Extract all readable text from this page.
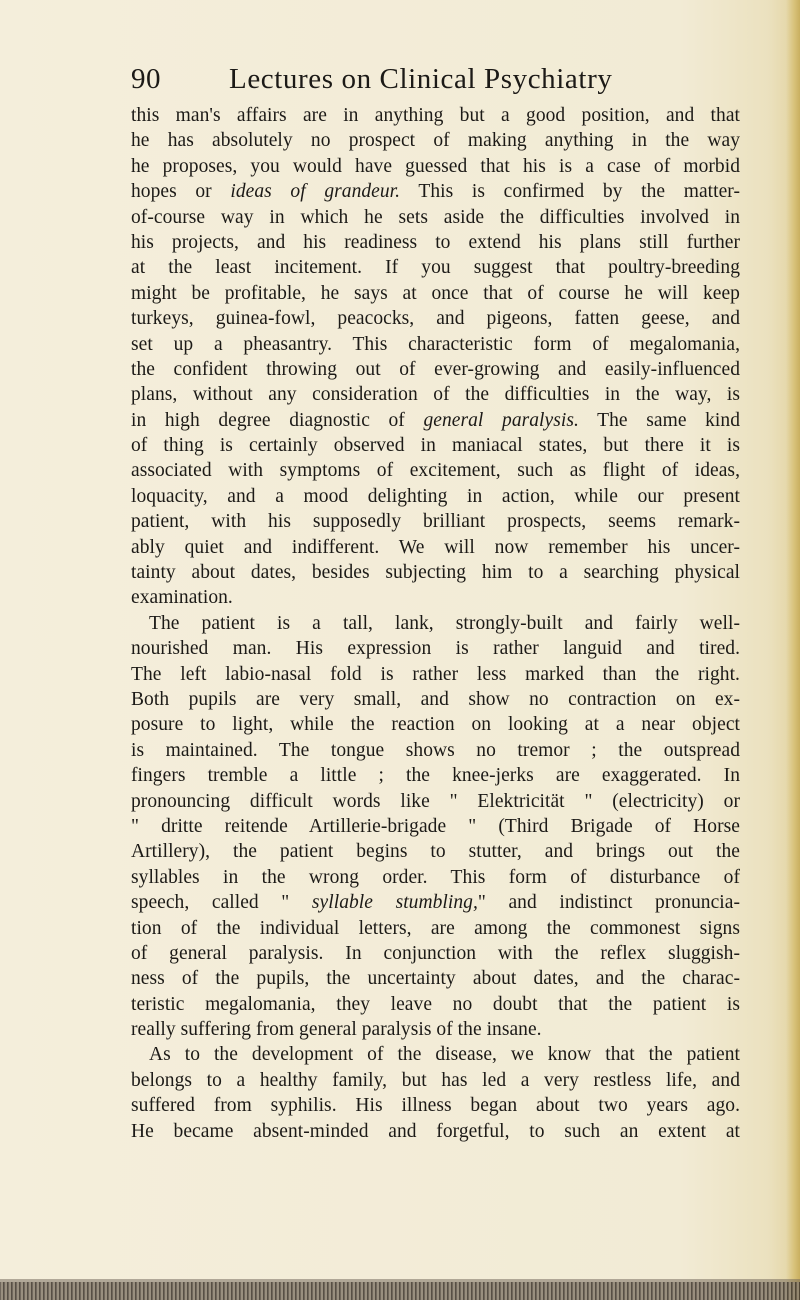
90 Lectures on Clinical Psychiatry
this man's affairs are in anything but a good position, and that
he has absolutely no prospect of making anything in the way
he proposes, you would have guessed that his is a case of morbid
hopes or ideas of grandeur. This is confirmed by the matter-
of-course way in which he sets aside the difficulties involved in
his projects, and his readiness to extend his plans still further
at the least incitement. If you suggest that poultry-breeding
might be profitable, he says at once that of course he will keep
turkeys, guinea-fowl, peacocks, and pigeons, fatten geese, and
set up a pheasantry. This characteristic form of megalomania,
the confident throwing out of ever-growing and easily-influenced
plans, without any consideration of the difficulties in the way, is
in high degree diagnostic of general paralysis. The same kind
of thing is certainly observed in maniacal states, but there it is
associated with symptoms of excitement, such as flight of ideas,
loquacity, and a mood delighting in action, while our present
patient, with his supposedly brilliant prospects, seems remark-
ably quiet and indifferent. We will now remember his uncer-
tainty about dates, besides subjecting him to a searching physical
examination.
The patient is a tall, lank, strongly-built and fairly well-
nourished man. His expression is rather languid and tired.
The left labio-nasal fold is rather less marked than the right.
Both pupils are very small, and show no contraction on ex-
posure to light, while the reaction on looking at a near object
is maintained. The tongue shows no tremor ; the outspread
fingers tremble a little ; the knee-jerks are exaggerated. In
pronouncing difficult words like " Elektricität " (electricity) or
" dritte reitende Artillerie-brigade " (Third Brigade of Horse
Artillery), the patient begins to stutter, and brings out the
syllables in the wrong order. This form of disturbance of
speech, called " syllable stumbling," and indistinct pronuncia-
tion of the individual letters, are among the commonest signs
of general paralysis. In conjunction with the reflex sluggish-
ness of the pupils, the uncertainty about dates, and the charac-
teristic megalomania, they leave no doubt that the patient is
really suffering from general paralysis of the insane.
As to the development of the disease, we know that the patient
belongs to a healthy family, but has led a very restless life, and
suffered from syphilis. His illness began about two years ago.
He became absent-minded and forgetful, to such an extent at
